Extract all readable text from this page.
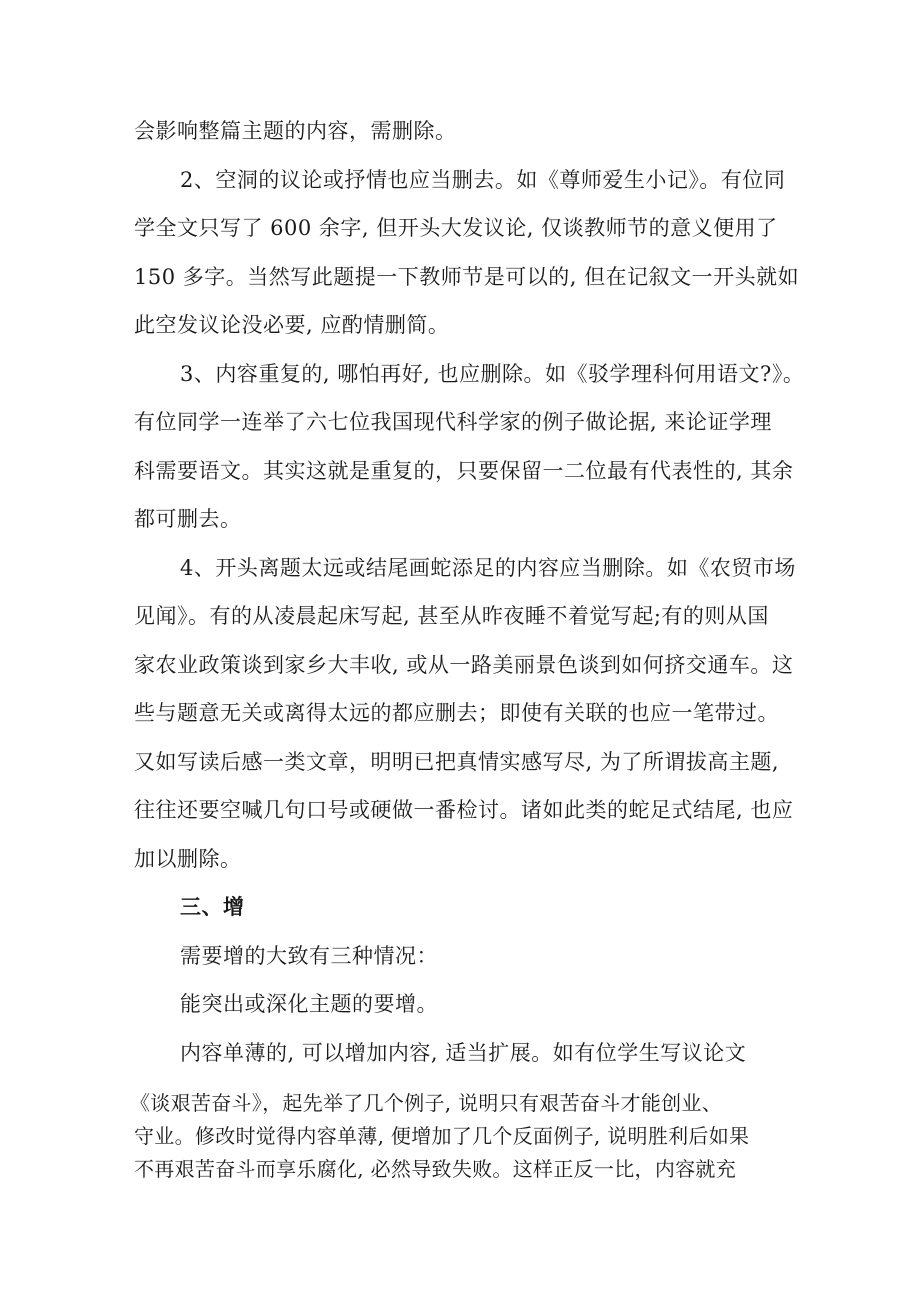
会影响整篇主题的内容，需删除。

2、空洞的议论或抒情也应当删去。如《尊师爱生小记》。有位同

学全文只写了 600 余字, 但开头大发议论, 仅谈教师节的意义便用了

150 多字。当然写此题提一下教师节是可以的, 但在记叙文一开头就如

此空发议论没必要, 应酌情删简。

3、内容重复的, 哪怕再好, 也应删除。如《驳学理科何用语文?》。

有位同学一连举了六七位我国现代科学家的例子做论据, 来论证学理

科需要语文。其实这就是重复的，只要保留一二位最有代表性的, 其余

都可删去。

4、开头离题太远或结尾画蛇添足的内容应当删除。如《农贸市场

见闻》。有的从凌晨起床写起, 甚至从昨夜睡不着觉写起;有的则从国

家农业政策谈到家乡大丰收, 或从一路美丽景色谈到如何挤交通车。这

些与题意无关或离得太远的都应删去；即使有关联的也应一笔带过。

又如写读后感一类文章，明明已把真情实感写尽, 为了所谓拔高主题,

往往还要空喊几句口号或硬做一番检讨。诸如此类的蛇足式结尾, 也应

加以删除。

三、增

需要增的大致有三种情况：

能突出或深化主题的要增。

内容单薄的, 可以增加内容, 适当扩展。如有位学生写议论文

《谈艰苦奋斗》，起先举了几个例子, 说明只有艰苦奋斗才能创业、

守业。修改时觉得内容单薄, 便增加了几个反面例子, 说明胜利后如果

不再艰苦奋斗而享乐腐化, 必然导致失败。这样正反一比，内容就充
